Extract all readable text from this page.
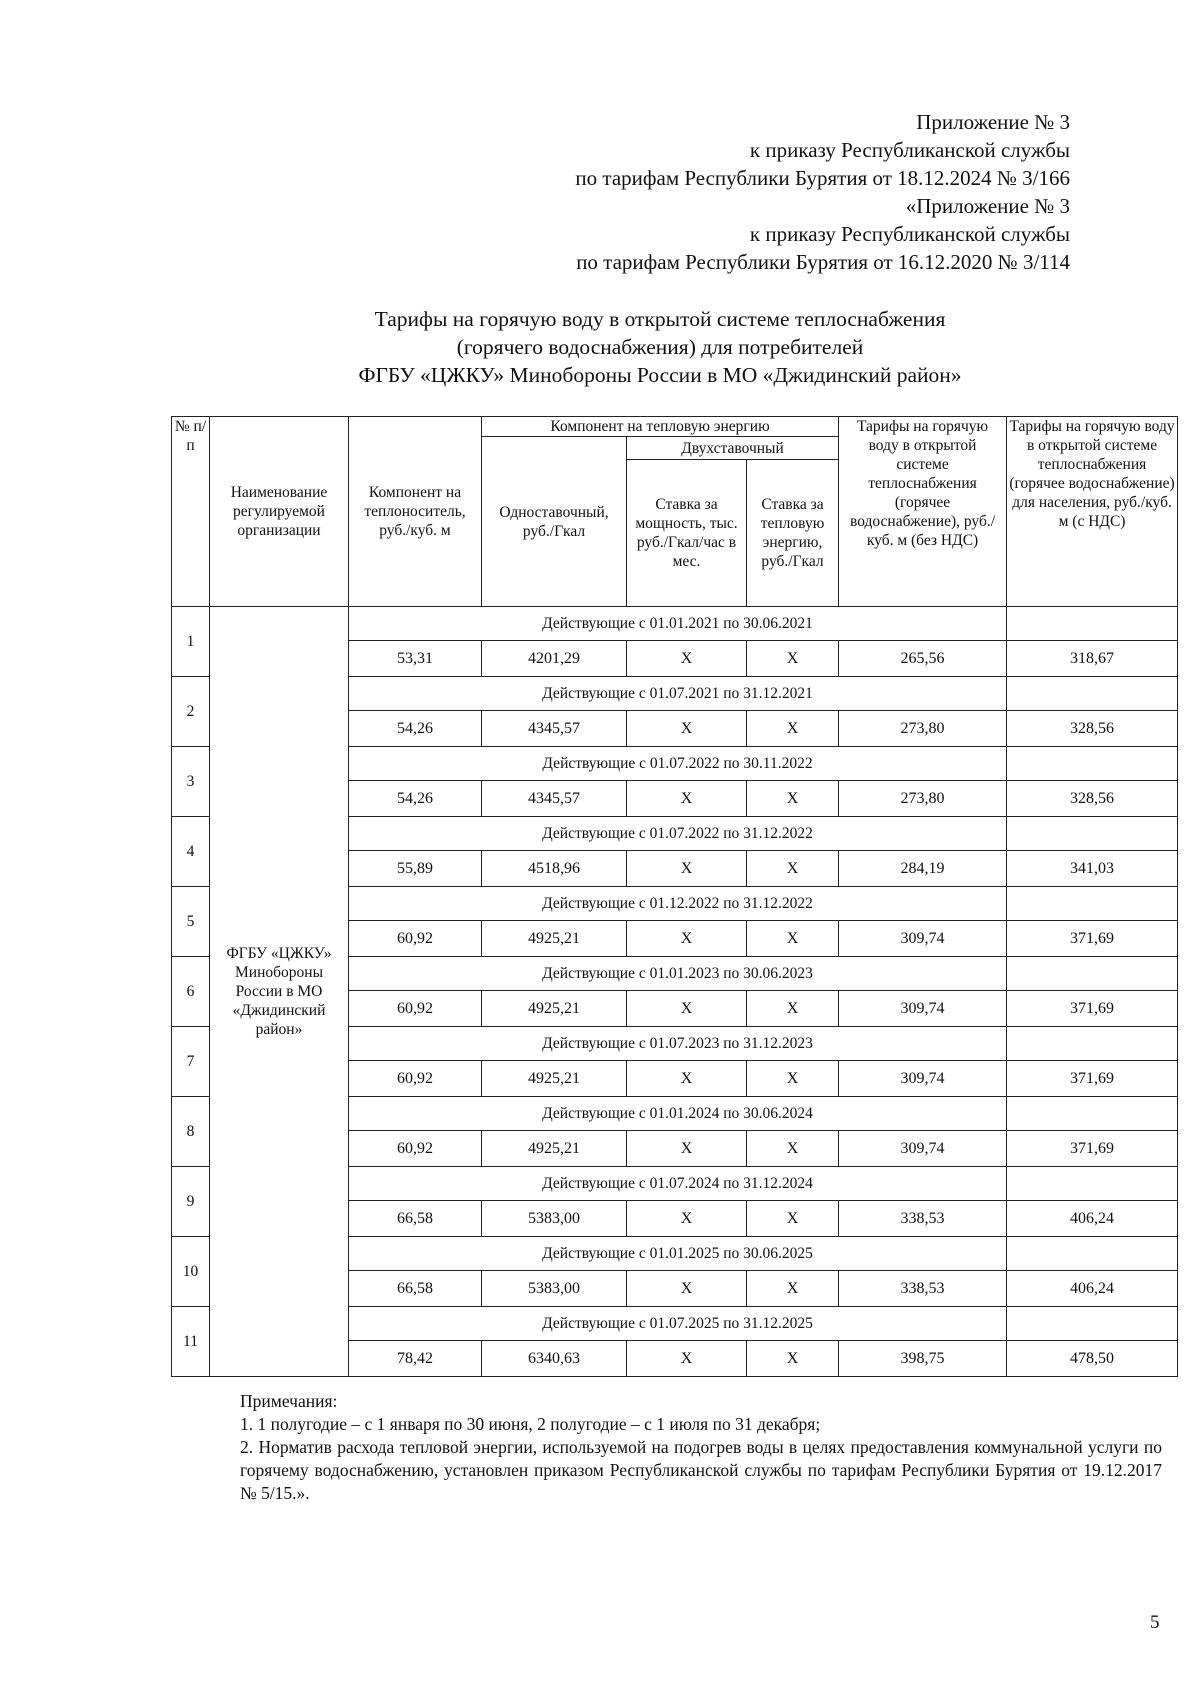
Приложение № 3
к приказу Республиканской службы
по тарифам Республики Бурятия от 18.12.2024 № 3/166
«Приложение № 3
к приказу Республиканской службы
по тарифам Республики Бурятия от 16.12.2020 № 3/114
Тарифы на горячую воду в открытой системе теплоснабжения
(горячего водоснабжения) для потребителей
ФГБУ «ЦЖКУ» Минобороны России в МО «Джидинский район»
№ п/п	Наименование регулируемой организации	Компонент на теплоноситель, руб./куб. м	Компонент на тепловую энергию			Тарифы на горячую воду в открытой системе теплоснабжения (горячее водоснабжение), руб./куб. м (без НДС)	Тарифы на горячую воду в открытой системе теплоснабжения (горячее водоснабжение) для населения, руб./куб. м (с НДС)
			Одноставочный, руб./Гкал	Двухставочный			
				Ставка за мощность, тыс. руб./Гкал/час в мес.	Ставка за тепловую энергию, руб./Гкал		
1	ФГБУ «ЦЖКУ» Минобороны России в МО «Джидинский район»	Действующие с 01.01.2021 по 30.06.2021					
		53,31	4201,29	X	X	265,56	318,67
2		Действующие с 01.07.2021 по 31.12.2021					
		54,26	4345,57	X	X	273,80	328,56
3		Действующие с 01.07.2022 по 30.11.2022					
		54,26	4345,57	X	X	273,80	328,56
4		Действующие с 01.07.2022 по 31.12.2022					
		55,89	4518,96	X	X	284,19	341,03
5		Действующие с 01.12.2022 по 31.12.2022					
		60,92	4925,21	X	X	309,74	371,69
6		Действующие с 01.01.2023 по 30.06.2023					
		60,92	4925,21	X	X	309,74	371,69
7		Действующие с 01.07.2023 по 31.12.2023					
		60,92	4925,21	X	X	309,74	371,69
8		Действующие с 01.01.2024 по 30.06.2024					
		60,92	4925,21	X	X	309,74	371,69
9		Действующие с 01.07.2024 по 31.12.2024					
		66,58	5383,00	X	X	338,53	406,24
10		Действующие с 01.01.2025 по 30.06.2025					
		66,58	5383,00	X	X	338,53	406,24
11		Действующие с 01.07.2025 по 31.12.2025					
		78,42	6340,63	X	X	398,75	478,50

Примечания:

1. 1 полугодие – с 1 января по 30 июня, 2 полугодие – с 1 июля по 31 декабря;

2. Норматив расхода тепловой энергии, используемой на подогрев воды в целях предоставления коммунальной услуги по горячему водоснабжению, установлен приказом Республиканской службы по тарифам Республики Бурятия от 19.12.2017 № 5/15.».

5
